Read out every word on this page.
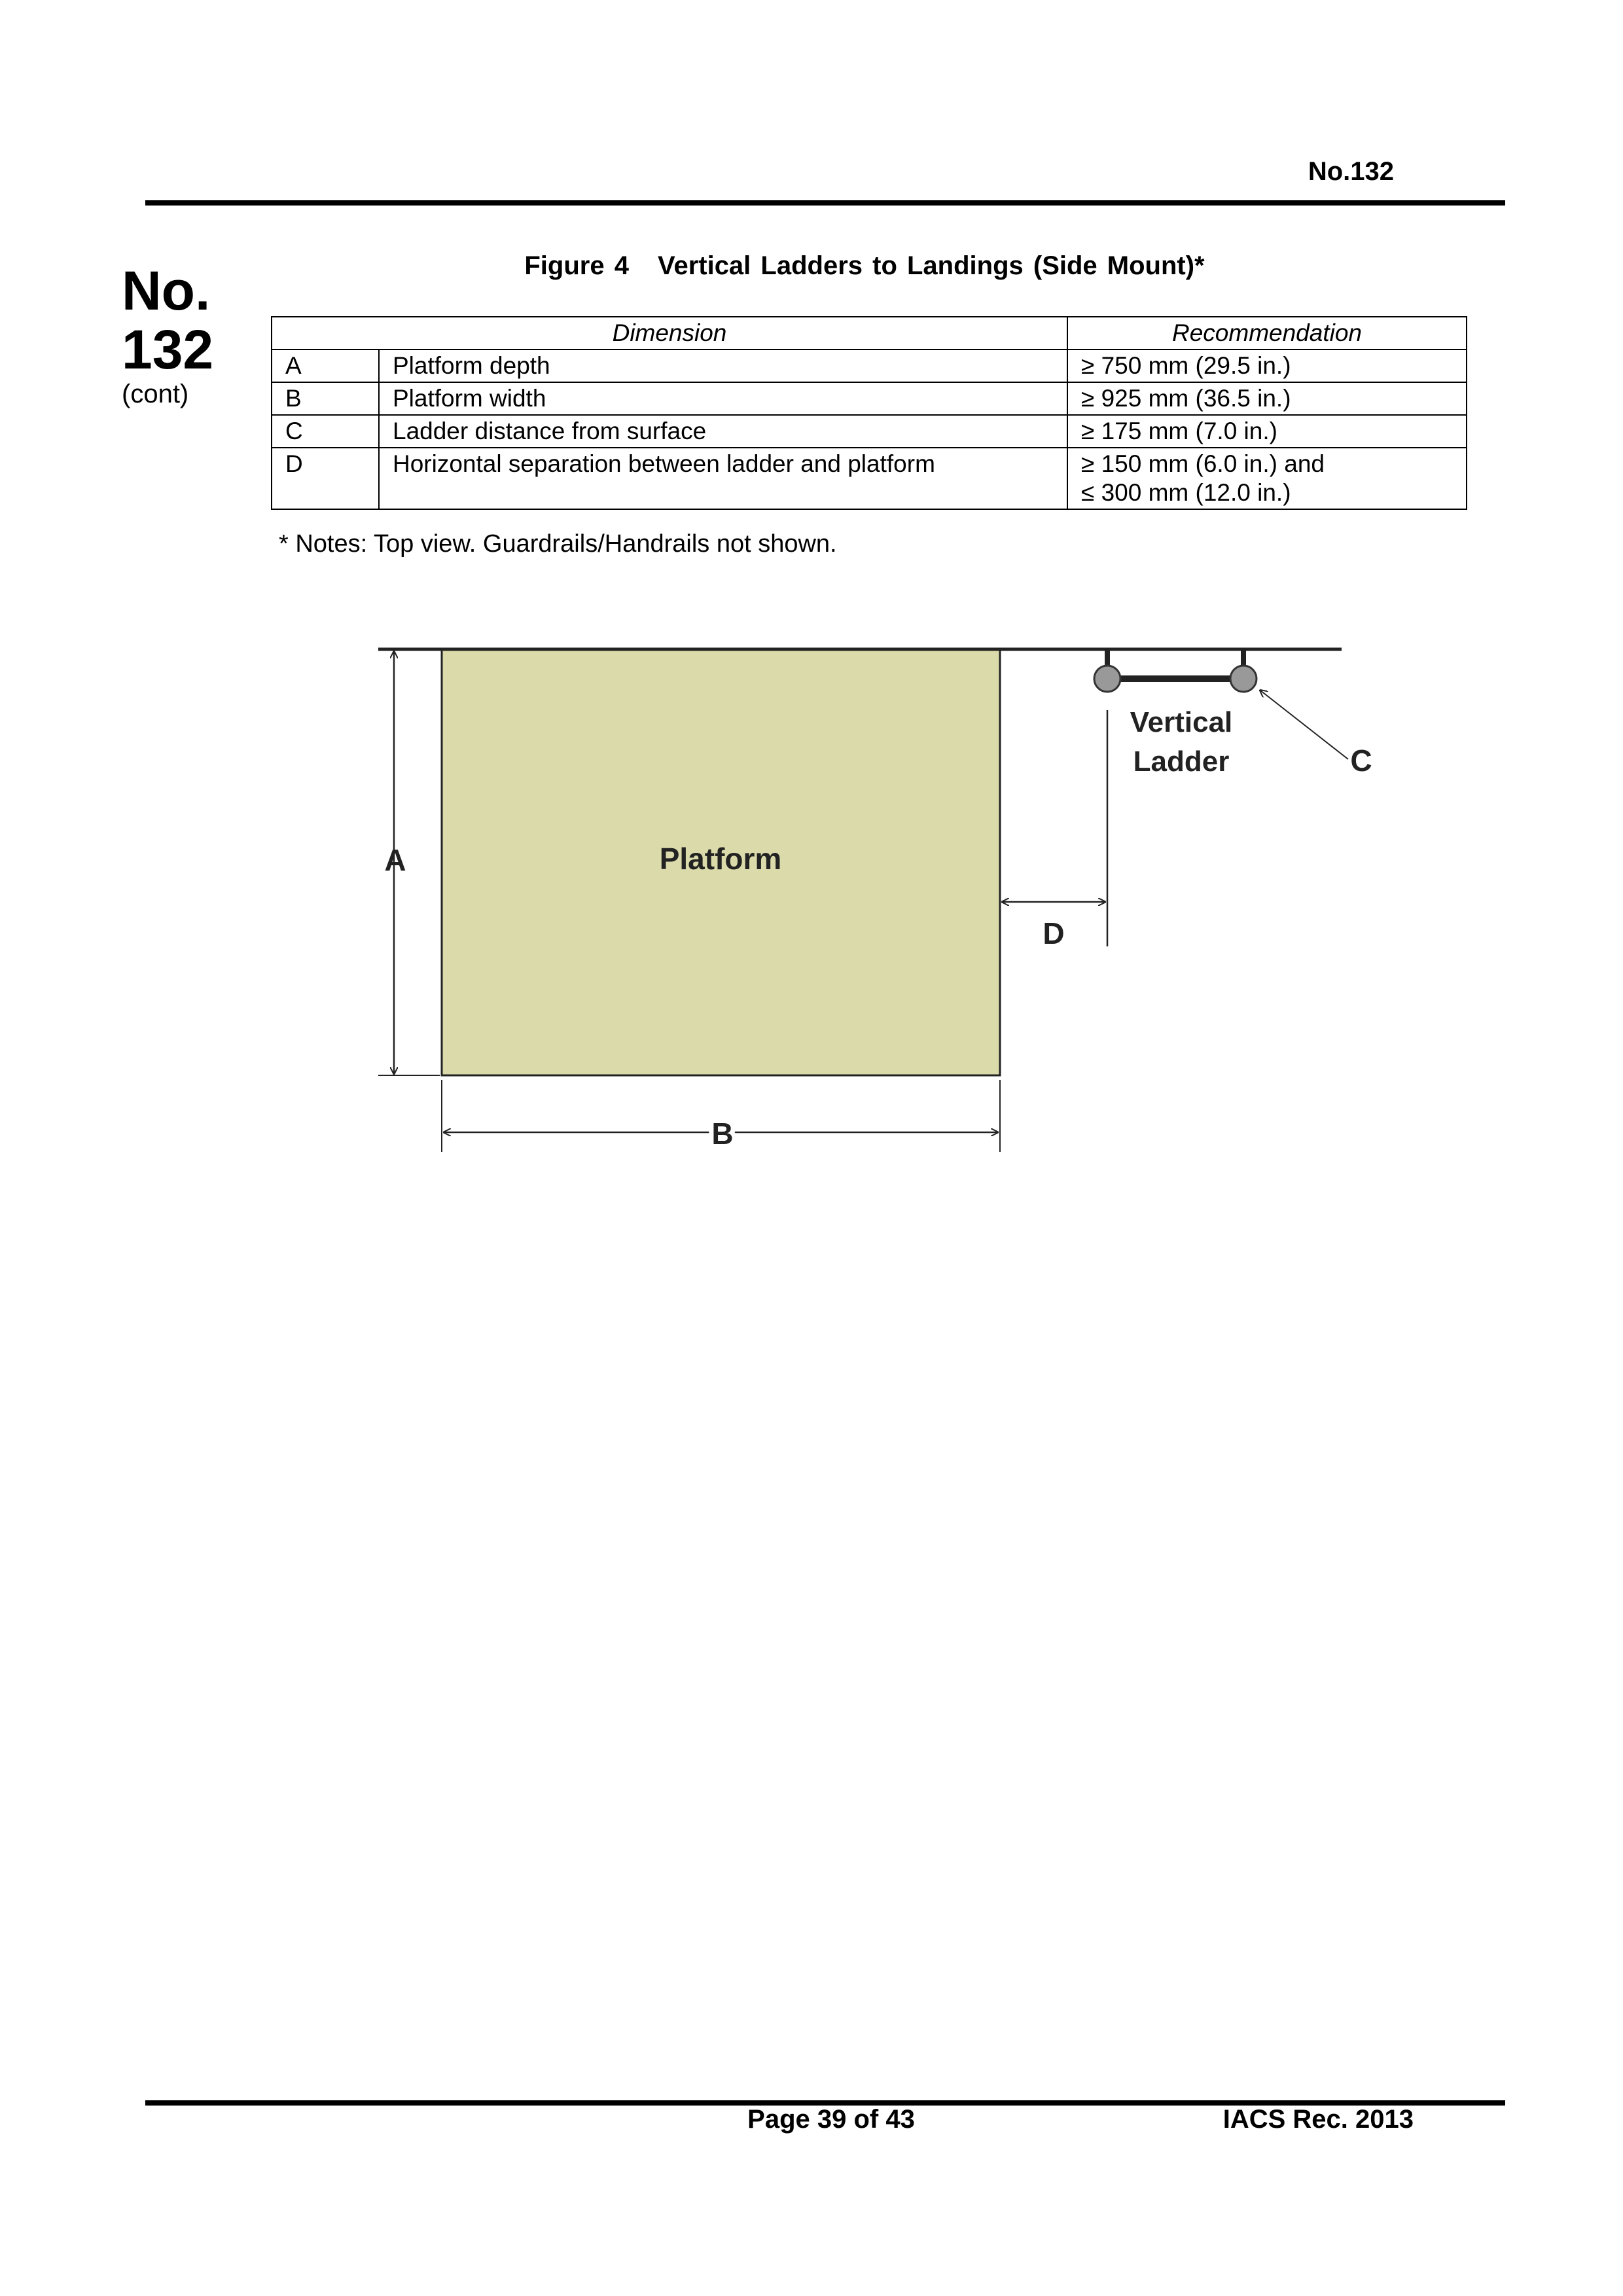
No.132
No.
132
(cont)
Figure 4 Vertical Ladders to Landings (Side Mount)*
Dimension		Recommendation
A	Platform depth	≥ 750 mm (29.5 in.)
B	Platform width	≥ 925 mm (36.5 in.)
C	Ladder distance from surface	≥ 175 mm (7.0 in.)
D	Horizontal separation between ladder and platform	≥ 150 mm (6.0 in.) and
≤ 300 mm (12.0 in.)
* Notes: Top view. Guardrails/Handrails not shown.
Platform
A
B
Vertical
Ladder	C
D
Page 39 of 43	IACS Rec. 2013
